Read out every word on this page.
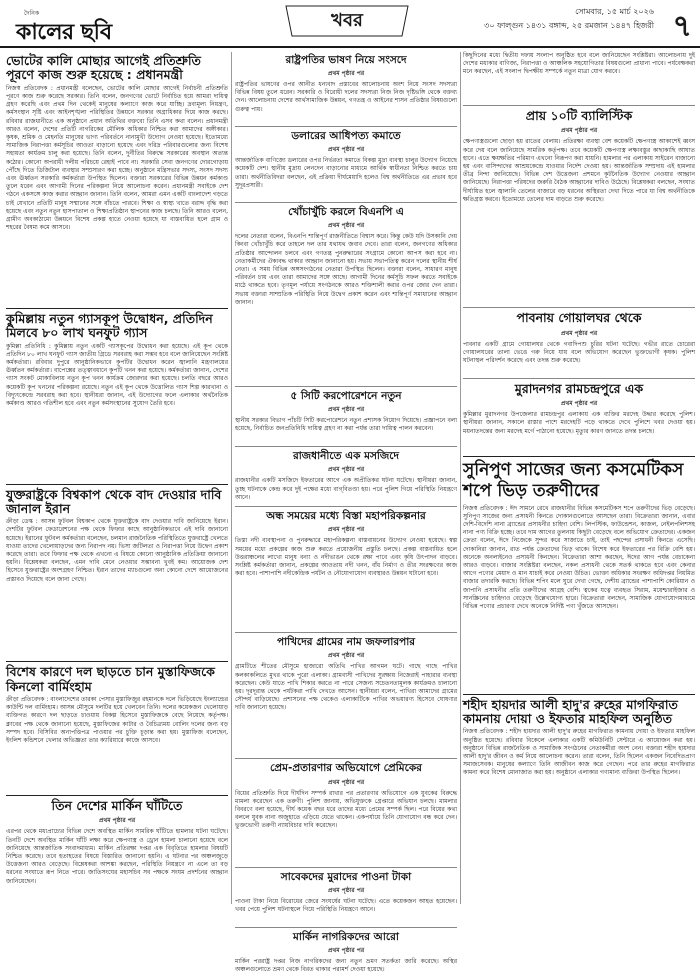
দৈনিক
কালের ছবি	খবর	সোমবার, ১৫ মার্চ ২০২৬
৩০ ফাল্গুন ১৪৩১ বঙ্গাব্দ, ২৫ রমজান ১৪৪৭ হিজরী ৭
ভোটের কালি মোছার আগেই প্রতিশ্রুতি পূরণে কাজ শুরু হয়েছে : প্রধানমন্ত্রী
নিজস্ব প্রতিবেদক : প্রধানমন্ত্রী বলেছেন, ভোটের কালি মোছার আগেই নির্বাচনী প্রতিশ্রুতি পূরণে কাজ শুরু করেছে সরকার। তিনি বলেন, জনগণের ভোটে নির্বাচিত হয়ে আমরা দায়িত্ব গ্রহণ করেছি এবং প্রথম দিন থেকেই মানুষের কল্যাণে কাজ করে যাচ্ছি। দ্রব্যমূল্য নিয়ন্ত্রণ, কর্মসংস্থান সৃষ্টি এবং আইনশৃঙ্খলা পরিস্থিতির উন্নয়নে সরকার অগ্রাধিকার দিয়ে কাজ করছে। রবিবার রাজধানীতে এক অনুষ্ঠানে প্রধান অতিথির বক্তব্যে তিনি এসব কথা বলেন। প্রধানমন্ত্রী আরও বলেন, দেশের প্রতিটি নাগরিকের মৌলিক অধিকার নিশ্চিত করা আমাদের অঙ্গীকার। কৃষক, শ্রমিক ও মেহনতি মানুষের ভাগ্য পরিবর্তনে নানামুখী উদ্যোগ নেওয়া হয়েছে। ইতোমধ্যে সামাজিক নিরাপত্তা কর্মসূচির আওতা বাড়ানো হয়েছে এবং দরিদ্র পরিবারগুলোর জন্য বিশেষ সহায়তা কার্যক্রম চালু করা হয়েছে। তিনি বলেন, দুর্নীতির বিরুদ্ধে সরকারের অবস্থান অত্যন্ত কঠোর। কোনো অপরাধী দলীয় পরিচয়ে রেহাই পাবে না। সরকারি সেবা জনগণের দোরগোড়ায় পৌঁছে দিতে ডিজিটাল ব্যবস্থার সম্প্রসারণ করা হচ্ছে। অনুষ্ঠানে মন্ত্রিসভার সদস্য, সংসদ সদস্য এবং ঊর্ধ্বতন সরকারি কর্মকর্তারা উপস্থিত ছিলেন। বক্তারা সরকারের বিভিন্ন উন্নয়ন কর্মকাণ্ড তুলে ধরেন এবং আগামী দিনের পরিকল্পনা নিয়ে আলোচনা করেন। প্রধানমন্ত্রী সবাইকে দেশ গঠনে একসঙ্গে কাজ করার আহ্বান জানান। তিনি বলেন, আমরা এমন একটি বাংলাদেশ গড়তে চাই যেখানে প্রতিটি মানুষ সম্মানের সঙ্গে বাঁচতে পারবে। শিক্ষা ও স্বাস্থ্য খাতে বরাদ্দ বৃদ্ধি করা হয়েছে এবং নতুন নতুন হাসপাতাল ও শিক্ষাপ্রতিষ্ঠান স্থাপনের কাজ চলছে। তিনি আরও বলেন, গ্রামীণ অবকাঠামো উন্নয়নে বিশেষ প্রকল্প হাতে নেওয়া হয়েছে যা বাস্তবায়িত হলে গ্রাম ও শহরের বৈষম্য কমে আসবে।
কুমিল্লায় নতুন গ্যাসকূপ উদ্বোধন, প্রতিদিন মিলবে ৮০ লাখ ঘনফুট গ্যাস
কুমিল্লা প্রতিনিধি : কুমিল্লায় নতুন একটি গ্যাসকূপের উদ্বোধন করা হয়েছে। এই কূপ থেকে প্রতিদিন ৮০ লাখ ঘনফুট গ্যাস জাতীয় গ্রিডে সরবরাহ করা সম্ভব হবে বলে জানিয়েছেন সংশ্লিষ্ট কর্মকর্তারা। রবিবার দুপুরে আনুষ্ঠানিকভাবে কূপটির উদ্বোধন করেন জ্বালানি মন্ত্রণালয়ের ঊর্ধ্বতন কর্মকর্তারা। বাপেক্সের তত্ত্বাবধানে কূপটি খনন করা হয়েছে। কর্মকর্তারা জানান, দেশের গ্যাস সংকট মোকাবিলায় নতুন কূপ খনন কার্যক্রম জোরদার করা হয়েছে। চলতি বছরে আরও কয়েকটি কূপ খননের পরিকল্পনা রয়েছে। নতুন এই কূপ থেকে উত্তোলিত গ্যাস শিল্প কারখানা ও বিদ্যুৎকেন্দ্রে সরবরাহ করা হবে। স্থানীয়রা জানান, এই উদ্যোগের ফলে এলাকার অর্থনৈতিক কর্মকাণ্ড আরও গতিশীল হবে এবং নতুন কর্মসংস্থানের সুযোগ তৈরি হবে।
যুক্তরাষ্ট্রকে বিশ্বকাপ থেকে বাদ দেওয়ার দাবি জানাল ইরান
ক্রীড়া ডেস্ক : আসন্ন ফুটবল বিশ্বকাপ থেকে যুক্তরাষ্ট্রকে বাদ দেওয়ার দাবি জানিয়েছে ইরান। দেশটির ফুটবল ফেডারেশনের পক্ষ থেকে ফিফার কাছে আনুষ্ঠানিকভাবে এই দাবি জানানো হয়েছে। ইরানের ফুটবল কর্মকর্তারা বলেছেন, চলমান রাজনৈতিক পরিস্থিতিতে যুক্তরাষ্ট্রে খেলতে যাওয়া তাদের খেলোয়াড়দের জন্য নিরাপদ নয়। ভিসা জটিলতা ও নিরাপত্তা নিয়ে উদ্বেগ প্রকাশ করেছে তারা। তবে ফিফার পক্ষ থেকে এখনো এ বিষয়ে কোনো আনুষ্ঠানিক প্রতিক্রিয়া জানানো হয়নি। বিশ্লেষকরা বলছেন, এমন দাবি মেনে নেওয়ার সম্ভাবনা খুবই কম। আয়োজক দেশ হিসেবে যুক্তরাষ্ট্রের অংশগ্রহণ নিশ্চিত। ইরান তাদের ম্যাচগুলো অন্য কোনো দেশে আয়োজনের প্রস্তাবও দিয়েছে বলে জানা গেছে।
বিশেষ কারণে দল ছাড়তে চান মুস্তাফিজকে কিনলো বার্মিংহাম
ক্রীড়া প্রতিবেদক : বাংলাদেশের তারকা পেসার মুস্তাফিজুর রহমানকে দলে ভিড়িয়েছে ইংল্যান্ডের কাউন্টি দল বার্মিংহাম। আসন্ন মৌসুমে দলটির হয়ে খেলবেন তিনি। দলের কয়েকজন খেলোয়াড় ব্যক্তিগত কারণে দল ছাড়তে চাওয়ায় বিকল্প হিসেবে মুস্তাফিজকে বেছে নিয়েছে কর্তৃপক্ষ। ক্লাবের পক্ষ থেকে জানানো হয়েছে, মুস্তাফিজের কাটার ও বৈচিত্র্যময় বোলিং দলের জন্য বড় সম্পদ হবে। বিসিবির অনাপত্তিপত্র পাওয়ার পর চুক্তি চূড়ান্ত করা হয়। মুস্তাফিজ বলেছেন, ইংলিশ কন্ডিশনে খেলার অভিজ্ঞতা তার ক্যারিয়ারে কাজে আসবে।
তিন দেশের মার্কিন ঘাঁটিতে
প্রথম পৃষ্ঠার পর
এরপর থেকে মধ্যপ্রাচ্যের বিভিন্ন দেশে অবস্থিত মার্কিন সামরিক ঘাঁটিতে হামলার ঘটনা ঘটেছে। তিনটি দেশে অবস্থিত মার্কিন ঘাঁটি লক্ষ্য করে ক্ষেপণাস্ত্র ও ড্রোন হামলা চালানো হয়েছে বলে জানিয়েছে আন্তর্জাতিক সংবাদমাধ্যম। মার্কিন প্রতিরক্ষা দপ্তর এক বিবৃতিতে হামলার বিষয়টি নিশ্চিত করেছে। তবে হতাহতের বিষয়ে বিস্তারিত জানানো হয়নি। এ ঘটনার পর অঞ্চলজুড়ে উত্তেজনা আরও বেড়েছে। বিশ্লেষকরা আশঙ্কা করছেন, পরিস্থিতি নিয়ন্ত্রণে না এলে তা বড় ধরনের সংঘাতে রূপ নিতে পারে। জাতিসংঘের মহাসচিব সব পক্ষকে সংযম প্রদর্শনের আহ্বান জানিয়েছেন।
রাষ্ট্রপতির ভাষণ নিয়ে সংসদে
প্রথম পৃষ্ঠার পর
রাষ্ট্রপতির ভাষণের ওপর আনীত ধন্যবাদ প্রস্তাবের আলোচনায় অংশ নিয়ে সংসদ সদস্যরা বিভিন্ন বিষয় তুলে ধরেন। সরকারি ও বিরোধী দলের সদস্যরা নিজ নিজ দৃষ্টিভঙ্গি থেকে বক্তব্য দেন। আলোচনায় দেশের আর্থসামাজিক উন্নয়ন, গণতন্ত্র ও আইনের শাসন প্রতিষ্ঠার বিষয়গুলো গুরুত্ব পায়।
ডলারের আধিপত্য কমাতে
প্রথম পৃষ্ঠার পর
আন্তর্জাতিক বাণিজ্যে ডলারের ওপর নির্ভরতা কমাতে বিকল্প মুদ্রা ব্যবস্থা চালুর উদ্যোগ নিয়েছে কয়েকটি দেশ। স্থানীয় মুদ্রায় লেনদেন বাড়ানোর মাধ্যমে আর্থিক স্বাধীনতা নিশ্চিত করতে চায় তারা। অর্থনীতিবিদরা বলছেন, এই প্রক্রিয়া দীর্ঘমেয়াদি হলেও বিশ্ব অর্থনীতিতে এর প্রভাব হবে সুদূরপ্রসারী।
খোঁচাখুঁচি করলে বিএনপি এ
প্রথম পৃষ্ঠার পর
দলের নেতারা বলেন, বিএনপি শান্তিপূর্ণ রাজনীতিতে বিশ্বাস করে। কিন্তু কেউ যদি উসকানি দেয় কিংবা খোঁচাখুঁচি করে তাহলে দল তার যথাযথ জবাব দেবে। তারা বলেন, জনগণের অধিকার প্রতিষ্ঠার আন্দোলন চলবে এবং গণতন্ত্র পুনরুদ্ধারের সংগ্রামে কোনো আপস করা হবে না। নেতাকর্মীদের ঐক্যবদ্ধ থাকার আহ্বান জানানো হয়। সভায় সভাপতিত্ব করেন দলের স্থানীয় শীর্ষ নেতা। এ সময় বিভিন্ন অঙ্গসংগঠনের নেতারা উপস্থিত ছিলেন। বক্তারা বলেন, সাধারণ মানুষ পরিবর্তন চায় এবং তারা আমাদের সঙ্গে আছে। আগামী দিনের কর্মসূচি সফল করতে সবাইকে মাঠে থাকতে হবে। তৃণমূল পর্যায়ে সংগঠনকে আরও শক্তিশালী করার ওপর জোর দেন তারা। সভায় বক্তারা সাম্প্রতিক পরিস্থিতি নিয়ে উদ্বেগ প্রকাশ করেন এবং শান্তিপূর্ণ সমাধানের আহ্বান জানান।
৫ সিটি করপোরেশনে নতুন
প্রথম পৃষ্ঠার পর
স্থানীয় সরকার বিভাগ পাঁচটি সিটি করপোরেশনে নতুন প্রশাসক নিয়োগ দিয়েছে। প্রজ্ঞাপনে বলা হয়েছে, নির্বাচিত জনপ্রতিনিধি দায়িত্ব গ্রহণ না করা পর্যন্ত তারা দায়িত্ব পালন করবেন।
রাজধানীতে এক মসজিদে
প্রথম পৃষ্ঠার পর
রাজধানীর একটি মসজিদে ইফতারের আগে এক অপ্রীতিকর ঘটনা ঘটেছে। স্থানীয়রা জানান, তুচ্ছ ঘটনাকে কেন্দ্র করে দুই পক্ষের মধ্যে বাগ্‌বিতণ্ডা হয়। পরে পুলিশ গিয়ে পরিস্থিতি নিয়ন্ত্রণে আনে।
অন্ধ সময়ের মধ্যে বিস্তা মহাপরিকল্পনার
প্রথম পৃষ্ঠার পর
তিস্তা নদী ব্যবস্থাপনা ও পুনরুদ্ধারে মহাপরিকল্পনা বাস্তবায়নের উদ্যোগ নেওয়া হয়েছে। স্বল্প সময়ের মধ্যে প্রকল্পের কাজ শুরু করতে প্রয়োজনীয় প্রস্তুতি চলছে। প্রকল্প বাস্তবায়িত হলে উত্তরাঞ্চলের লাখো মানুষ বন্যা ও নদীভাঙন থেকে রক্ষা পাবে এবং কৃষি উৎপাদন বাড়বে। সংশ্লিষ্ট কর্মকর্তারা জানান, প্রকল্পের আওতায় নদী খনন, বাঁধ নির্মাণ ও তীর সংরক্ষণের কাজ করা হবে। পাশাপাশি নদীকেন্দ্রিক পর্যটন ও নৌযোগাযোগ ব্যবস্থারও উন্নয়ন ঘটানো হবে।
পাখিদের গ্রামের নাম জফলারপার
প্রথম পৃষ্ঠার পর
গ্রামটিতে শীতের মৌসুমে হাজারো অতিথি পাখির আগমন ঘটে। গাছে গাছে পাখির কলকাকলিতে মুখর থাকে পুরো এলাকা। গ্রামবাসী পাখিদের সুরক্ষায় নিজেরাই পাহারার ব্যবস্থা করেছেন। কেউ যাতে পাখি শিকার করতে না পারে সেজন্য সচেতনতামূলক কার্যক্রমও চালানো হয়। দূরদূরান্ত থেকে পর্যটকরা পাখি দেখতে আসেন। স্থানীয়রা বলেন, পাখিরা আমাদের গ্রামের সৌন্দর্য বাড়িয়েছে। প্রশাসনের পক্ষ থেকেও এলাকাটিকে পাখির অভয়ারণ্য হিসেবে ঘোষণার দাবি জানানো হয়েছে।
প্রেম-প্রতারণার অভিযোগে প্রেমিকের
প্রথম পৃষ্ঠার পর
বিয়ের প্রতিশ্রুতি দিয়ে দীর্ঘদিন সম্পর্ক রাখার পর প্রতারণার অভিযোগে এক যুবকের বিরুদ্ধে মামলা করেছেন এক তরুণী। পুলিশ জানায়, অভিযুক্তকে গ্রেপ্তারে অভিযান চলছে। মামলার বিবরণে বলা হয়েছে, দীর্ঘ কয়েক বছর ধরে তাদের মধ্যে প্রেমের সম্পর্ক ছিল। পরে বিয়ের কথা বললে যুবক নানা অজুহাতে এড়িয়ে যেতে থাকেন। একপর্যায়ে তিনি যোগাযোগ বন্ধ করে দেন। ভুক্তভোগী তরুণী ন্যায়বিচার দাবি করেছেন।
সাবেকদের মুরাদের পাওনা টাকা
প্রথম পৃষ্ঠার পর
পাওনা টাকা নিয়ে বিরোধের জেরে সংঘর্ষের ঘটনা ঘটেছে। এতে কয়েকজন আহত হয়েছেন। খবর পেয়ে পুলিশ ঘটনাস্থলে গিয়ে পরিস্থিতি নিয়ন্ত্রণে আনে।
মার্কিন নাগরিকদের আরো
প্রথম পৃষ্ঠার পর
মার্কিন পররাষ্ট্র দপ্তর নিজ নাগরিকদের জন্য নতুন ভ্রমণ সতর্কতা জারি করেছে। অস্থির অঞ্চলগুলোতে ভ্রমণ থেকে বিরত থাকার পরামর্শ দেওয়া হয়েছে।
কিছুদিনের মধ্যে দ্বিতীয় দফায় সংলাপ অনুষ্ঠিত হবে বলে জানিয়েছেন সংশ্লিষ্টরা। আলোচনায় দুই দেশের মধ্যকার বাণিজ্য, নিরাপত্তা ও আঞ্চলিক সহযোগিতার বিষয়গুলো প্রাধান্য পাবে। পর্যবেক্ষকরা মনে করছেন, এই সংলাপ দ্বিপক্ষীয় সম্পর্কে নতুন মাত্রা যোগ করবে।
প্রায় ১০টি ব্যালিস্টিক
প্রথম পৃষ্ঠার পর
ক্ষেপণাস্ত্রগুলো ছোড়া হয় রাতের বেলায়। প্রতিরক্ষা ব্যবস্থা বেশ কয়েকটি ক্ষেপণাস্ত্র আকাশেই ধ্বংস করে দেয় বলে জানিয়েছে সামরিক কর্তৃপক্ষ। তবে কয়েকটি ক্ষেপণাস্ত্র লক্ষ্যবস্তুর কাছাকাছি আঘাত হানে। এতে ক্ষয়ক্ষতির পরিমাণ এখনো নিরূপণ করা যায়নি। হামলার পর এলাকায় সাইরেন বাজানো হয় এবং বাসিন্দাদের আশ্রয়কেন্দ্রে যাওয়ার নির্দেশ দেওয়া হয়। আন্তর্জাতিক সম্প্রদায় এই হামলার তীব্র নিন্দা জানিয়েছে। বিভিন্ন দেশ উত্তেজনা প্রশমনে কূটনৈতিক উদ্যোগ নেওয়ার আহ্বান জানিয়েছে। নিরাপত্তা পরিষদের জরুরি বৈঠক আহ্বানের দাবিও উঠেছে। বিশ্লেষকরা বলছেন, সংঘাত দীর্ঘায়িত হলে জ্বালানি তেলের বাজারে বড় ধরনের অস্থিরতা দেখা দিতে পারে যা বিশ্ব অর্থনীতিকে ক্ষতিগ্রস্ত করবে। ইতোমধ্যে তেলের দাম বাড়তে শুরু করেছে।
পাবনায় গোয়ালঘর থেকে
প্রথম পৃষ্ঠার পর
পাবনার একটি গ্রামে গোয়ালঘর থেকে গবাদিপশু চুরির ঘটনা ঘটেছে। গভীর রাতে চোরেরা গোয়ালঘরের তালা ভেঙে গরু নিয়ে যায় বলে অভিযোগ করেছেন ভুক্তভোগী কৃষক। পুলিশ ঘটনাস্থল পরিদর্শন করেছে এবং তদন্ত শুরু করেছে।
মুরাদনগর রামচন্দ্রপুরে এক
প্রথম পৃষ্ঠার পর
কুমিল্লার মুরাদনগর উপজেলার রামচন্দ্রপুর এলাকায় এক ব্যক্তির মরদেহ উদ্ধার করেছে পুলিশ। স্থানীয়রা জানান, সকালে রাস্তার পাশে মরদেহটি পড়ে থাকতে দেখে পুলিশে খবর দেওয়া হয়। ময়নাতদন্তের জন্য মরদেহ মর্গে পাঠানো হয়েছে। মৃত্যুর কারণ জানতে তদন্ত চলছে।
সুনিপুণ সাজের জন্য কসমেটিকস শপে ভিড় তরুণীদের
নিজস্ব প্রতিবেদক : ঈদ সামনে রেখে রাজধানীর বিভিন্ন কসমেটিকস শপে তরুণীদের ভিড় বেড়েছে। সুনিপুণ সাজের জন্য প্রসাধনী কিনতে দোকানগুলোতে আসছেন তারা। বিক্রেতারা জানান, এবার দেশি-বিদেশি নানা ব্র্যান্ডের প্রসাধনীর চাহিদা বেশি। লিপস্টিক, ফাউন্ডেশন, কাজল, নেইলপলিশসহ নানা পণ্য বিক্রি হচ্ছে। তবে দাম আগের তুলনায় কিছুটা বেড়েছে বলে অভিযোগ ক্রেতাদের। একজন ক্রেতা বলেন, ঈদে নিজেকে সুন্দর করে সাজাতে চাই, তাই পছন্দের প্রসাধনী কিনতে এসেছি। দোকানিরা জানান, রাত পর্যন্ত ক্রেতাদের ভিড় থাকে। বিশেষ করে ইফতারের পর বিক্রি বেশি হয়। অনেকে অনলাইনেও প্রসাধনী কিনছেন। বিক্রেতারা আশা করছেন, ঈদের আগ পর্যন্ত বেচাকেনা আরও বাড়বে। বাজার সংশ্লিষ্টরা বলছেন, নকল প্রসাধনী থেকে সতর্ক থাকতে হবে এবং কেনার আগে পণ্যের মেয়াদ ও মান যাচাই করে নেওয়া উচিত। ভোক্তা অধিকার সংরক্ষণ অধিদপ্তর নিয়মিত বাজার তদারকি করছে। বিভিন্ন শপিং মলে ঘুরে দেখা গেছে, দেশীয় ব্র্যান্ডের পাশাপাশি কোরিয়ান ও জাপানি প্রসাধনীর প্রতি তরুণীদের আগ্রহ বেশি। ত্বকের যত্নে ব্যবহৃত সিরাম, ময়েশ্চারাইজার ও সানস্ক্রিনের চাহিদাও বেড়েছে উল্লেখযোগ্য হারে। বিক্রেতারা বলছেন, সামাজিক যোগাযোগমাধ্যমে বিভিন্ন পণ্যের প্রচারণা দেখে অনেকে নির্দিষ্ট পণ্য খুঁজতে আসছেন।
শহীদ হায়দার আলী হাদু'র রুহের মাগফিরাত কামনায় দোয়া ও ইফতার মাহফিল অনুষ্ঠিত
নিজস্ব প্রতিবেদক : শহীদ হায়দার আলী হাদু'র রুহের মাগফিরাত কামনায় দোয়া ও ইফতার মাহফিল অনুষ্ঠিত হয়েছে। রবিবার বিকেলে এলাকার একটি কমিউনিটি সেন্টারে এ আয়োজন করা হয়। অনুষ্ঠানে বিভিন্ন রাজনৈতিক ও সামাজিক সংগঠনের নেতাকর্মীরা অংশ নেন। বক্তারা শহীদ হায়দার আলী হাদু'র জীবন ও কর্ম নিয়ে আলোচনা করেন। তারা বলেন, তিনি ছিলেন একজন নিবেদিতপ্রাণ সমাজসেবক। মানুষের কল্যাণে তিনি আজীবন কাজ করে গেছেন। পরে তার রুহের মাগফিরাত কামনা করে বিশেষ মোনাজাত করা হয়। অনুষ্ঠানে এলাকার গণ্যমান্য ব্যক্তিরা উপস্থিত ছিলেন।
